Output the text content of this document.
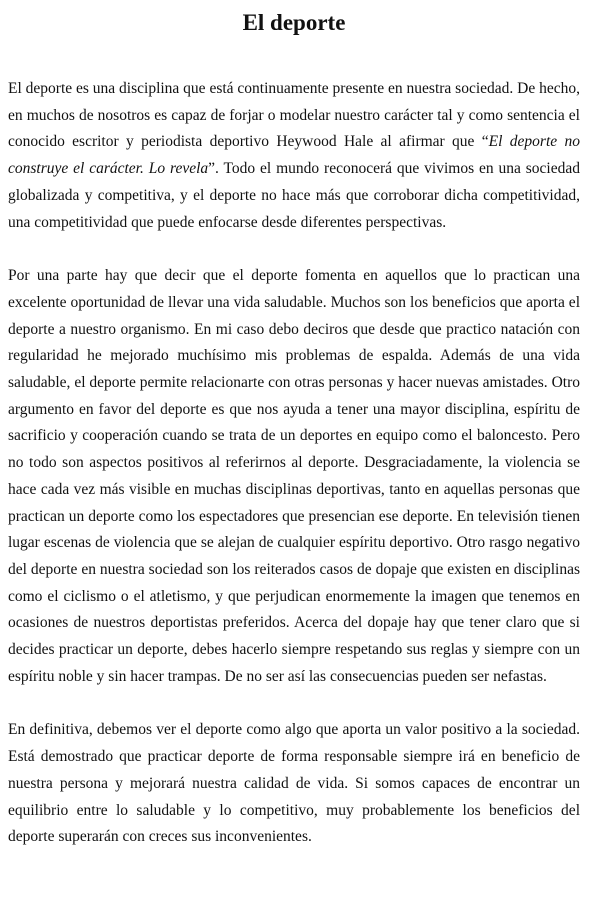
El deporte

El deporte es una disciplina que está continuamente presente en nuestra sociedad. De hecho, en muchos de nosotros es capaz de forjar o modelar nuestro carácter tal y como sentencia el conocido escritor y periodista deportivo Heywood Hale al afirmar que “El deporte no construye el carácter. Lo revela”. Todo el mundo reconocerá que vivimos en una sociedad globalizada y competitiva, y el deporte no hace más que corroborar dicha competitividad, una competitividad que puede enfocarse desde diferentes perspectivas.

Por una parte hay que decir que el deporte fomenta en aquellos que lo practican una excelente oportunidad de llevar una vida saludable. Muchos son los beneficios que aporta el deporte a nuestro organismo. En mi caso debo deciros que desde que practico natación con regularidad he mejorado muchísimo mis problemas de espalda. Además de una vida saludable, el deporte permite relacionarte con otras personas y hacer nuevas amistades. Otro argumento en favor del deporte es que nos ayuda a tener una mayor disciplina, espíritu de sacrificio y cooperación cuando se trata de un deportes en equipo como el baloncesto. Pero no todo son aspectos positivos al referirnos al deporte. Desgraciadamente, la violencia se hace cada vez más visible en muchas disciplinas deportivas, tanto en aquellas personas que practican un deporte como los espectadores que presencian ese deporte. En televisión tienen lugar escenas de violencia que se alejan de cualquier espíritu deportivo. Otro rasgo negativo del deporte en nuestra sociedad son los reiterados casos de dopaje que existen en disciplinas como el ciclismo o el atletismo, y que perjudican enormemente la imagen que tenemos en ocasiones de nuestros deportistas preferidos. Acerca del dopaje hay que tener claro que si decides practicar un deporte, debes hacerlo siempre respetando sus reglas y siempre con un espíritu noble y sin hacer trampas. De no ser así las consecuencias pueden ser nefastas.

En definitiva, debemos ver el deporte como algo que aporta un valor positivo a la sociedad. Está demostrado que practicar deporte de forma responsable siempre irá en beneficio de nuestra persona y mejorará nuestra calidad de vida. Si somos capaces de encontrar un equilibrio entre lo saludable y lo competitivo, muy probablemente los beneficios del deporte superarán con creces sus inconvenientes.
